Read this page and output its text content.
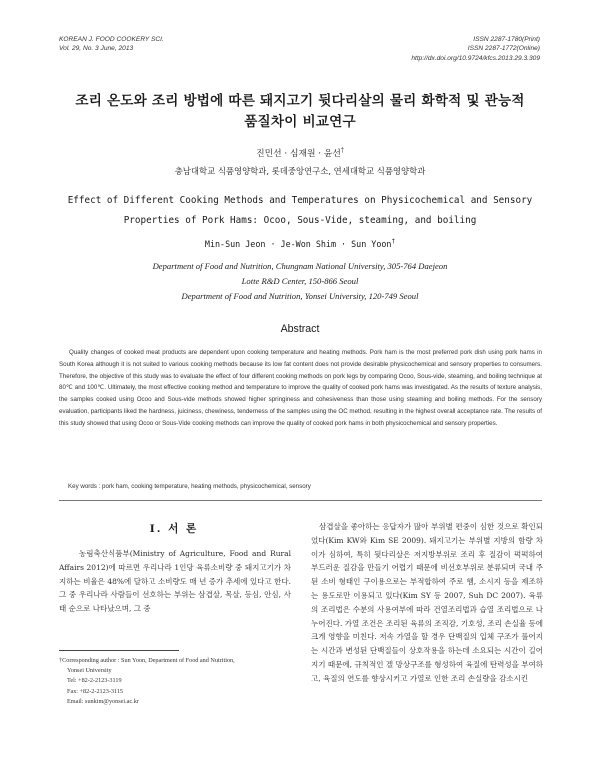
KOREAN J. FOOD COOKERY SCI.
Vol. 29, No. 3 June, 2013
ISSN 2287-1780(Print)
ISSN 2287-1772(Online)
http://dx.doi.org/10.9724/kfcs.2013.29.3.309
조리 온도와 조리 방법에 따른 돼지고기 뒷다리살의 물리 화학적 및 관능적
품질차이 비교연구
진민선 · 심재원 · 윤선†
충남대학교 식품영양학과, 롯데중앙연구소, 연세대학교 식품영양학과
Effect of Different Cooking Methods and Temperatures on Physicochemical and Sensory
Properties of Pork Hams: Ocoo, Sous-Vide, steaming, and boiling
Min-Sun Jeon · Je-Won Shim · Sun Yoon†
Department of Food and Nutrition, Chungnam National University, 305-764 Daejeon
Lotte R&D Center, 150-866 Seoul
Department of Food and Nutrition, Yonsei University, 120-749 Seoul
Abstract

Quality changes of cooked meat products are dependent upon cooking temperature and heating methods. Pork ham is the most preferred pork dish using pork hams in South Korea although it is not suited to various cooking methods because its low fat content does not provide desirable physicochemical and sensory properties to consumers. Therefore, the objective of this study was to evaluate the effect of four different cooking methods on pork legs by comparing Ocoo, Sous-vide, steaming, and boiling technique at 80℃ and 100℃. Ultimately, the most effective cooking method and temperature to improve the quality of cooked pork hams was investigated. As the results of texture analysis, the samples cooked using Ocoo and Sous-vide methods showed higher springiness and cohesiveness than those using steaming and boiling methods. For the sensory evaluation, participants liked the hardness, juiciness, chewiness, tenderness of the samples using the OC method, resulting in the highest overall acceptance rate. The results of this study showed that using Ocoo or Sous-Vide cooking methods can improve the quality of cooked pork hams in both physicochemical and sensory properties.

Key words : pork ham, cooking temperature, heating methods, physicochemical, sensory
Ⅰ. 서 론

농림축산식품부(Ministry of Agriculture, Food and Rural Affairs 2012)에 따르면 우리나라 1인당 육류소비량 중 돼지고기가 차지하는 비율은 48%에 달하고 소비량도 매 년 증가 추세에 있다고 한다. 그 중 우리나라 사람들이 선호하는 부위는 삼겹살, 목살, 등심, 안심, 사태 순으로 나타났으며, 그 중

삼겹살을 좋아하는 응답자가 많아 부위별 편중이 심한 것으로 확인되었다(Kim KW와 Kim SE 2009). 돼지고기는 부위별 지방의 함량 차이가 심하여, 특히 뒷다리살은 저지방부위로 조리 후 질감이 퍽퍽하여 부드러운 질감을 만들기 어렵기 때문에 비선호부위로 분류되며 국내 주된 소비 형태인 구이용으로는 부적합하여 주로 햄, 소시지 등을 제조하는 용도로만 이용되고 있다(Kim SY 등 2007, Suh DC 2007). 육류의 조리법은 수분의 사용여부에 따라 건열조리법과 습열 조리법으로 나누어진다. 가열 조건은 조리된 육류의 조직감, 기호성, 조리 손실율 등에 크게 영향을 미친다. 저속 가열을 할 경우 단백질의 입체 구조가 풀어지는 시간과 변성된 단백질들이 상호작용을 하는데 소요되는 시간이 길어지기 때문에, 규칙적인 겔 망상구조를 형성하여 육질에 탄력성을 부여하고, 육질의 연도를 향상시키고 가열로 인한 조리 손실량을 감소시킨

†Corresponding author : Sun Yoon, Department of Food and Nutrition,
Yonsei University
Tel: +82-2-2123-3119
Fax: +82-2-2123-3115
Email: sunkim@yonsei.ac.kr
